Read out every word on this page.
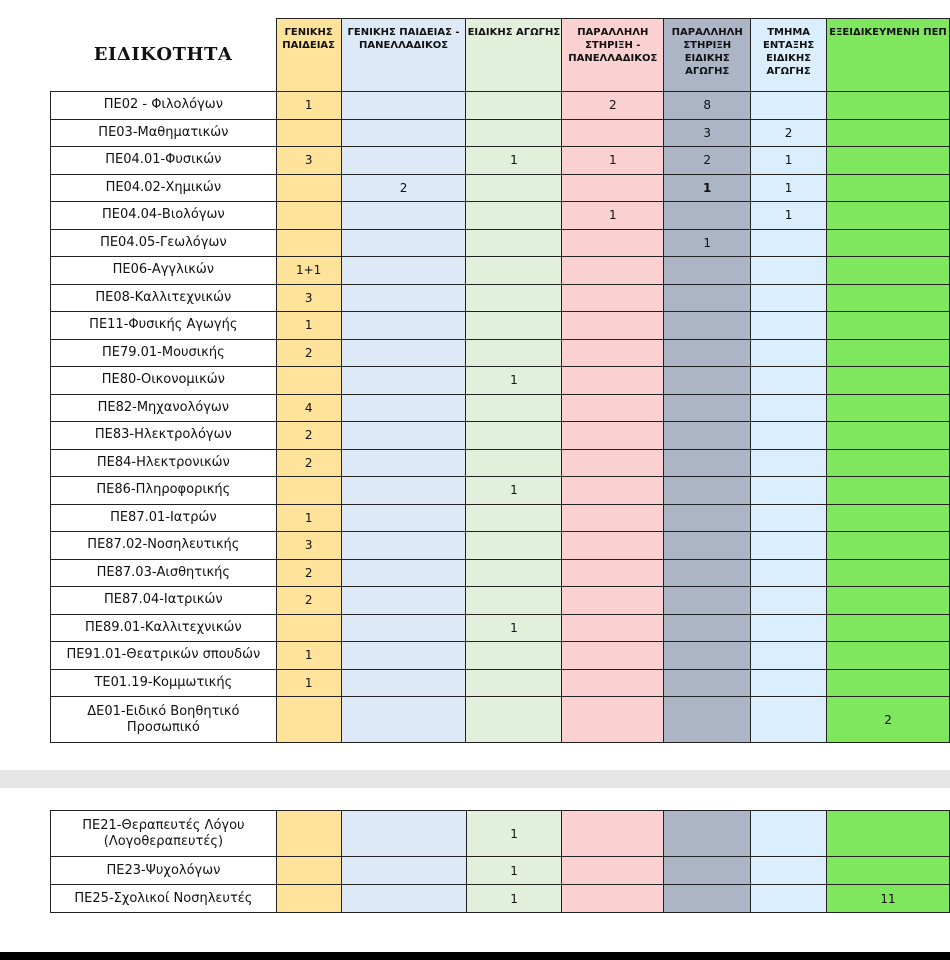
ΕΙΔΙΚΟΤΗΤΑ	ΓΕΝΙΚΗΣ ΠΑΙΔΕΙΑΣ	ΓΕΝΙΚΗΣ ΠΑΙΔΕΙΑΣ - ΠΑΝΕΛΛΑΔΙΚΟΣ	ΕΙΔΙΚΗΣ ΑΓΩΓΗΣ	ΠΑΡΑΛΛΗΛΗ ΣΤΗΡΙΞΗ - ΠΑΝΕΛΛΑΔΙΚΟΣ	ΠΑΡΑΛΛΗΛΗ ΣΤΗΡΙΞΗ ΕΙΔΙΚΗΣ ΑΓΩΓΗΣ	ΤΜΗΜΑ ΕΝΤΑΞΗΣ ΕΙΔΙΚΗΣ ΑΓΩΓΗΣ	ΕΞΕΙΔΙΚΕΥΜΕΝΗ ΠΕΠ
ΠΕ02 - Φιλολόγων	1			2	8		
ΠΕ03-Μαθηματικών					3	2	
ΠΕ04.01-Φυσικών	3		1	1	2	1	
ΠΕ04.02-Χημικών		2			1	1	
ΠΕ04.04-Βιολόγων				1		1	
ΠΕ04.05-Γεωλόγων					1		
ΠΕ06-Αγγλικών	1+1						
ΠΕ08-Καλλιτεχνικών	3						
ΠΕ11-Φυσικής Αγωγής	1						
ΠΕ79.01-Μουσικής	2						
ΠΕ80-Οικονομικών			1				
ΠΕ82-Μηχανολόγων	4						
ΠΕ83-Ηλεκτρολόγων	2						
ΠΕ84-Ηλεκτρονικών	2						
ΠΕ86-Πληροφορικής			1				
ΠΕ87.01-Ιατρών	1						
ΠΕ87.02-Νοσηλευτικής	3						
ΠΕ87.03-Αισθητικής	2						
ΠΕ87.04-Ιατρικών	2						
ΠΕ89.01-Καλλιτεχνικών			1				
ΠΕ91.01-Θεατρικών σπουδών	1						
ΤΕ01.19-Κομμωτικής	1						
ΔΕ01-Ειδικό Βοηθητικό Προσωπικό							2
ΠΕ21-Θεραπευτές Λόγου (Λογοθεραπευτές)			1				
ΠΕ23-Ψυχολόγων			1				
ΠΕ25-Σχολικοί Νοσηλευτές			1				11
